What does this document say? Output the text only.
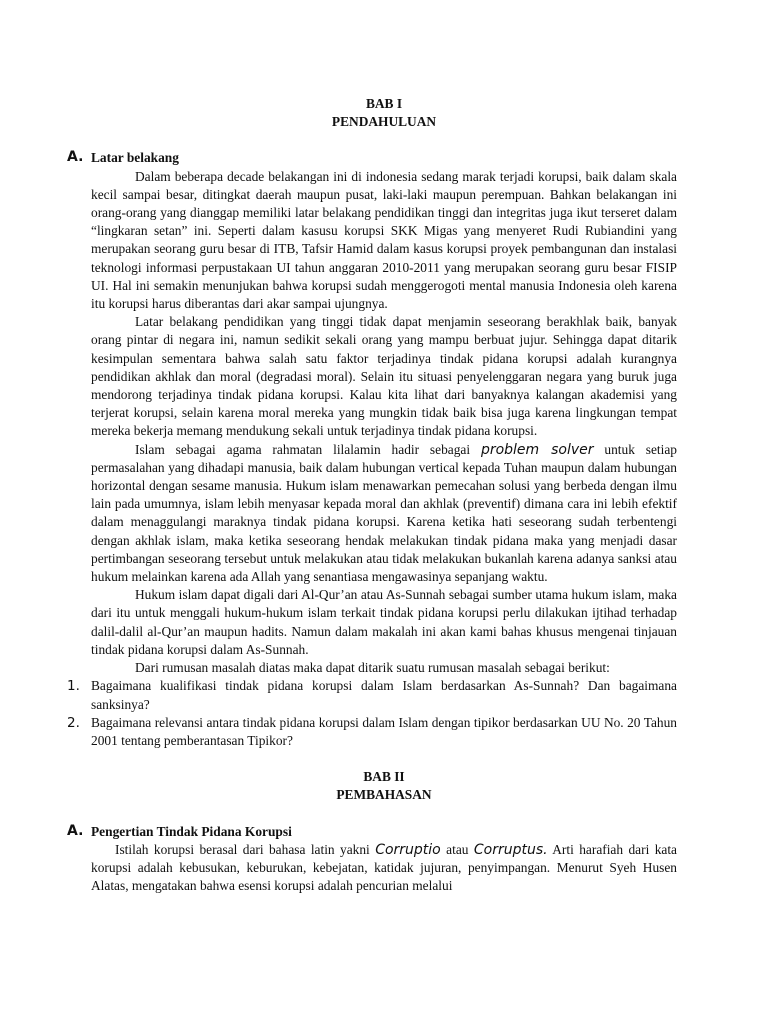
BAB I
PENDAHULUAN

A. Latar belakang

Dalam beberapa decade belakangan ini di indonesia sedang marak terjadi korupsi, baik dalam skala kecil sampai besar, ditingkat daerah maupun pusat, laki-laki maupun perempuan. Bahkan belakangan ini orang-orang yang dianggap memiliki latar belakang pendidikan tinggi dan integritas juga ikut terseret dalam “lingkaran setan” ini. Seperti dalam kasusu korupsi SKK Migas yang menyeret Rudi Rubiandini yang merupakan seorang guru besar di ITB, Tafsir Hamid dalam kasus korupsi proyek pembangunan dan instalasi teknologi informasi perpustakaan UI tahun anggaran 2010-2011 yang merupakan seorang guru besar FISIP UI. Hal ini semakin menunjukan bahwa korupsi sudah menggerogoti mental manusia Indonesia oleh karena itu korupsi harus diberantas dari akar sampai ujungnya.

Latar belakang pendidikan yang tinggi tidak dapat menjamin seseorang berakhlak baik, banyak orang pintar di negara ini, namun sedikit sekali orang yang mampu berbuat jujur. Sehingga dapat ditarik kesimpulan sementara bahwa salah satu faktor terjadinya tindak pidana korupsi adalah kurangnya pendidikan akhlak dan moral (degradasi moral). Selain itu situasi penyelenggaran negara yang buruk juga mendorong terjadinya tindak pidana korupsi. Kalau kita lihat dari banyaknya kalangan akademisi yang terjerat korupsi, selain karena moral mereka yang mungkin tidak baik bisa juga karena lingkungan tempat mereka bekerja memang mendukung sekali untuk terjadinya tindak pidana korupsi.

Islam sebagai agama rahmatan lilalamin hadir sebagai problem solver untuk setiap permasalahan yang dihadapi manusia, baik dalam hubungan vertical kepada Tuhan maupun dalam hubungan horizontal dengan sesame manusia. Hukum islam menawarkan pemecahan solusi yang berbeda dengan ilmu lain pada umumnya, islam lebih menyasar kepada moral dan akhlak (preventif) dimana cara ini lebih efektif dalam menaggulangi maraknya tindak pidana korupsi. Karena ketika hati seseorang sudah terbentengi dengan akhlak islam, maka ketika seseorang hendak melakukan tindak pidana maka yang menjadi dasar pertimbangan seseorang tersebut untuk melakukan atau tidak melakukan bukanlah karena adanya sanksi atau hukum melainkan karena ada Allah yang senantiasa mengawasinya sepanjang waktu.

Hukum islam dapat digali dari Al-Qur’an atau As-Sunnah sebagai sumber utama hukum islam, maka dari itu untuk menggali hukum-hukum islam terkait tindak pidana korupsi perlu dilakukan ijtihad terhadap dalil-dalil al-Qur’an maupun hadits. Namun dalam makalah ini akan kami bahas khusus mengenai tinjauan tindak pidana korupsi dalam As-Sunnah.

Dari rumusan masalah diatas maka dapat ditarik suatu rumusan masalah sebagai berikut:

1. Bagaimana kualifikasi tindak pidana korupsi dalam Islam berdasarkan As-Sunnah? Dan bagaimana sanksinya?

2. Bagaimana relevansi antara tindak pidana korupsi dalam Islam dengan tipikor berdasarkan UU No. 20 Tahun 2001 tentang pemberantasan Tipikor?

BAB II
PEMBAHASAN

A. Pengertian Tindak Pidana Korupsi

Istilah korupsi berasal dari bahasa latin yakni Corruptio atau Corruptus. Arti harafiah dari kata korupsi adalah kebusukan, keburukan, kebejatan, katidak jujuran, penyimpangan. Menurut Syeh Husen Alatas, mengatakan bahwa esensi korupsi adalah pencurian melalui
